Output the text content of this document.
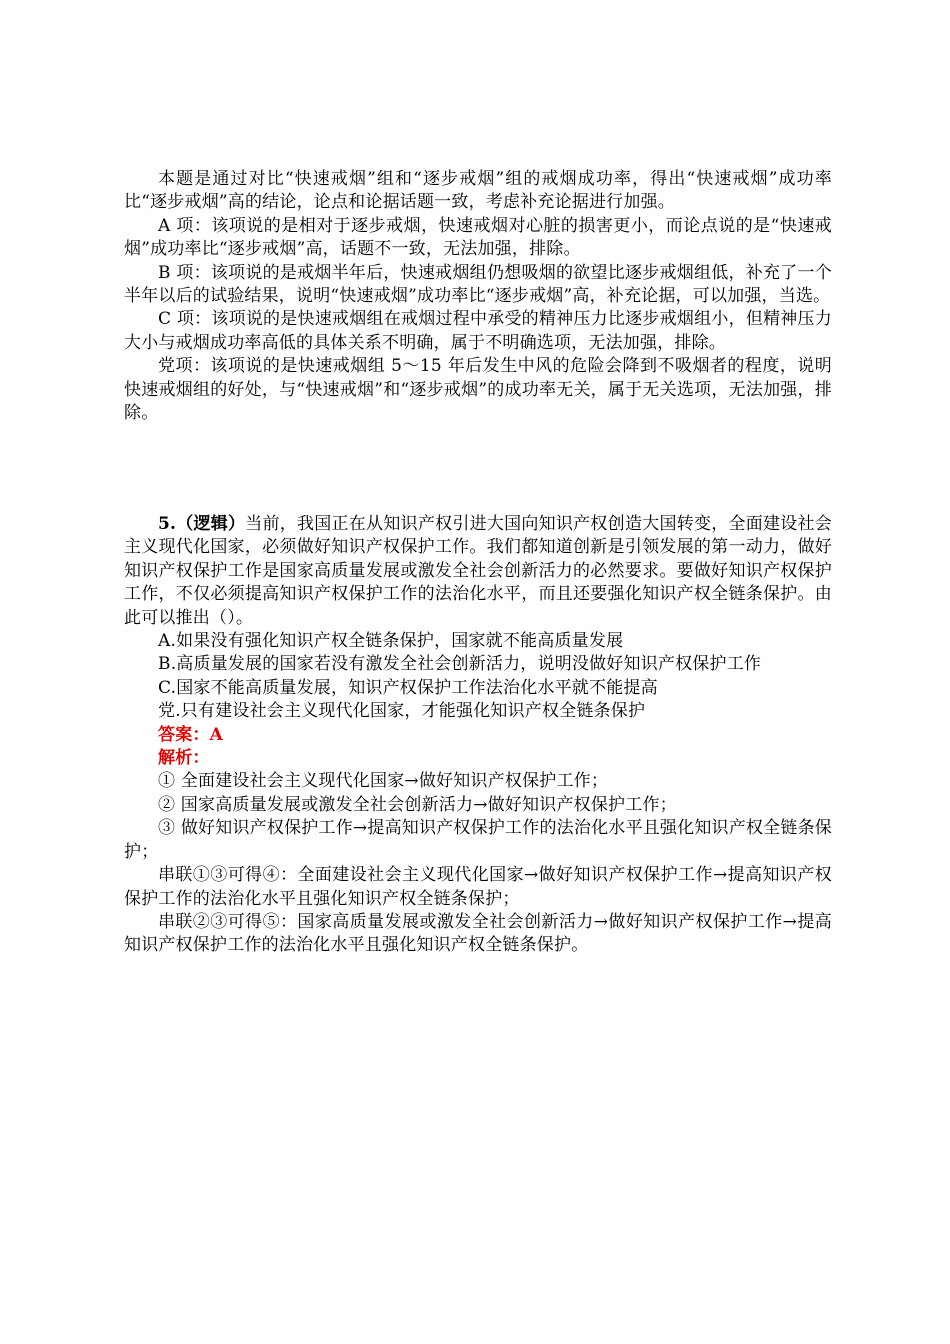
本题是通过对比“快速戒烟”组和“逐步戒烟”组的戒烟成功率，得出“快速戒烟”成功率比“逐步戒烟”高的结论，论点和论据话题一致，考虑补充论据进行加强。

A 项：该项说的是相对于逐步戒烟，快速戒烟对心脏的损害更小，而论点说的是“快速戒烟”成功率比“逐步戒烟”高，话题不一致，无法加强，排除。

B 项：该项说的是戒烟半年后，快速戒烟组仍想吸烟的欲望比逐步戒烟组低，补充了一个半年以后的试验结果，说明“快速戒烟”成功率比“逐步戒烟”高，补充论据，可以加强，当选。

C 项：该项说的是快速戒烟组在戒烟过程中承受的精神压力比逐步戒烟组小，但精神压力大小与戒烟成功率高低的具体关系不明确，属于不明确选项，无法加强，排除。

党项：该项说的是快速戒烟组 5～15 年后发生中风的危险会降到不吸烟者的程度，说明快速戒烟组的好处，与“快速戒烟”和“逐步戒烟”的成功率无关，属于无关选项，无法加强，排除。

5.（逻辑）当前，我国正在从知识产权引进大国向知识产权创造大国转变，全面建设社会主义现代化国家，必须做好知识产权保护工作。我们都知道创新是引领发展的第一动力，做好知识产权保护工作是国家高质量发展或激发全社会创新活力的必然要求。要做好知识产权保护工作，不仅必须提高知识产权保护工作的法治化水平，而且还要强化知识产权全链条保护。由此可以推出（）。

A.如果没有强化知识产权全链条保护，国家就不能高质量发展

B.高质量发展的国家若没有激发全社会创新活力，说明没做好知识产权保护工作

C.国家不能高质量发展，知识产权保护工作法治化水平就不能提高

党.只有建设社会主义现代化国家，才能强化知识产权全链条保护

答案：A

解析：

① 全面建设社会主义现代化国家→做好知识产权保护工作；

② 国家高质量发展或激发全社会创新活力→做好知识产权保护工作；

③ 做好知识产权保护工作→提高知识产权保护工作的法治化水平且强化知识产权全链条保护；

串联①③可得④：全面建设社会主义现代化国家→做好知识产权保护工作→提高知识产权保护工作的法治化水平且强化知识产权全链条保护；

串联②③可得⑤：国家高质量发展或激发全社会创新活力→做好知识产权保护工作→提高知识产权保护工作的法治化水平且强化知识产权全链条保护。
